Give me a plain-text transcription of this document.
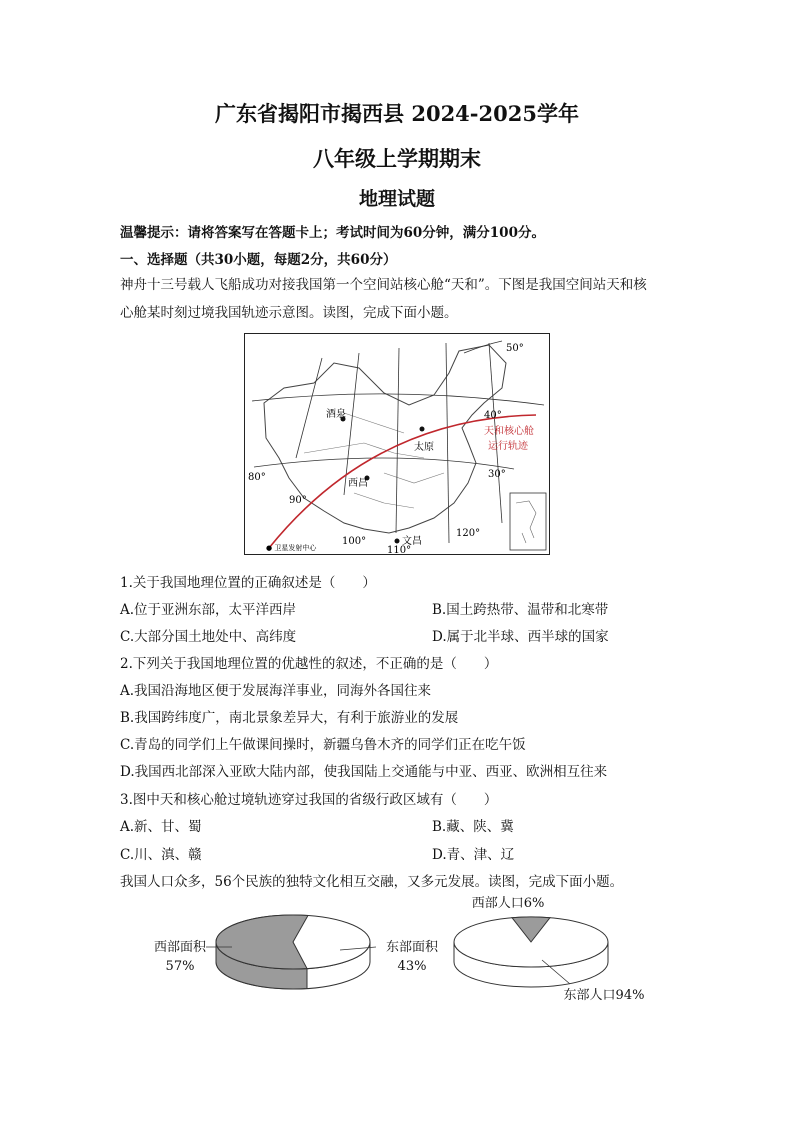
广东省揭阳市揭西县 2024-2025学年
八年级上学期期末
地理试题
温馨提示：请将答案写在答题卡上；考试时间为60分钟，满分100分。
一、选择题（共30小题，每题2分，共60分）
神舟十三号载人飞船成功对接我国第一个空间站核心舱“天和”。下图是我国空间站天和核
心舱某时刻过境我国轨迹示意图。读图，完成下面小题。
50°
40°
30°
80°
90°
100°
110°
120°
酒泉
太原
西昌
文昌
天和核心舱
运行轨迹
● 卫星发射中心
1.关于我国地理位置的正确叙述是（　　）
A.位于亚洲东部，太平洋西岸	B.国土跨热带、温带和北寒带
C.大部分国土地处中、高纬度	D.属于北半球、西半球的国家
2.下列关于我国地理位置的优越性的叙述，不正确的是（　　）
A.我国沿海地区便于发展海洋事业，同海外各国往来
B.我国跨纬度广，南北景象差异大，有利于旅游业的发展
C.青岛的同学们上午做课间操时，新疆乌鲁木齐的同学们正在吃午饭
D.我国西北部深入亚欧大陆内部，使我国陆上交通能与中亚、西亚、欧洲相互往来
3.图中天和核心舱过境轨迹穿过我国的省级行政区域有（　　）
A.新、甘、蜀	B.藏、陕、冀
C.川、滇、赣	D.青、津、辽
我国人口众多，56个民族的独特文化相互交融，又多元发展。读图，完成下面小题。
西部面积
57%
东部面积
43%
西部人口6%
东部人口94%
